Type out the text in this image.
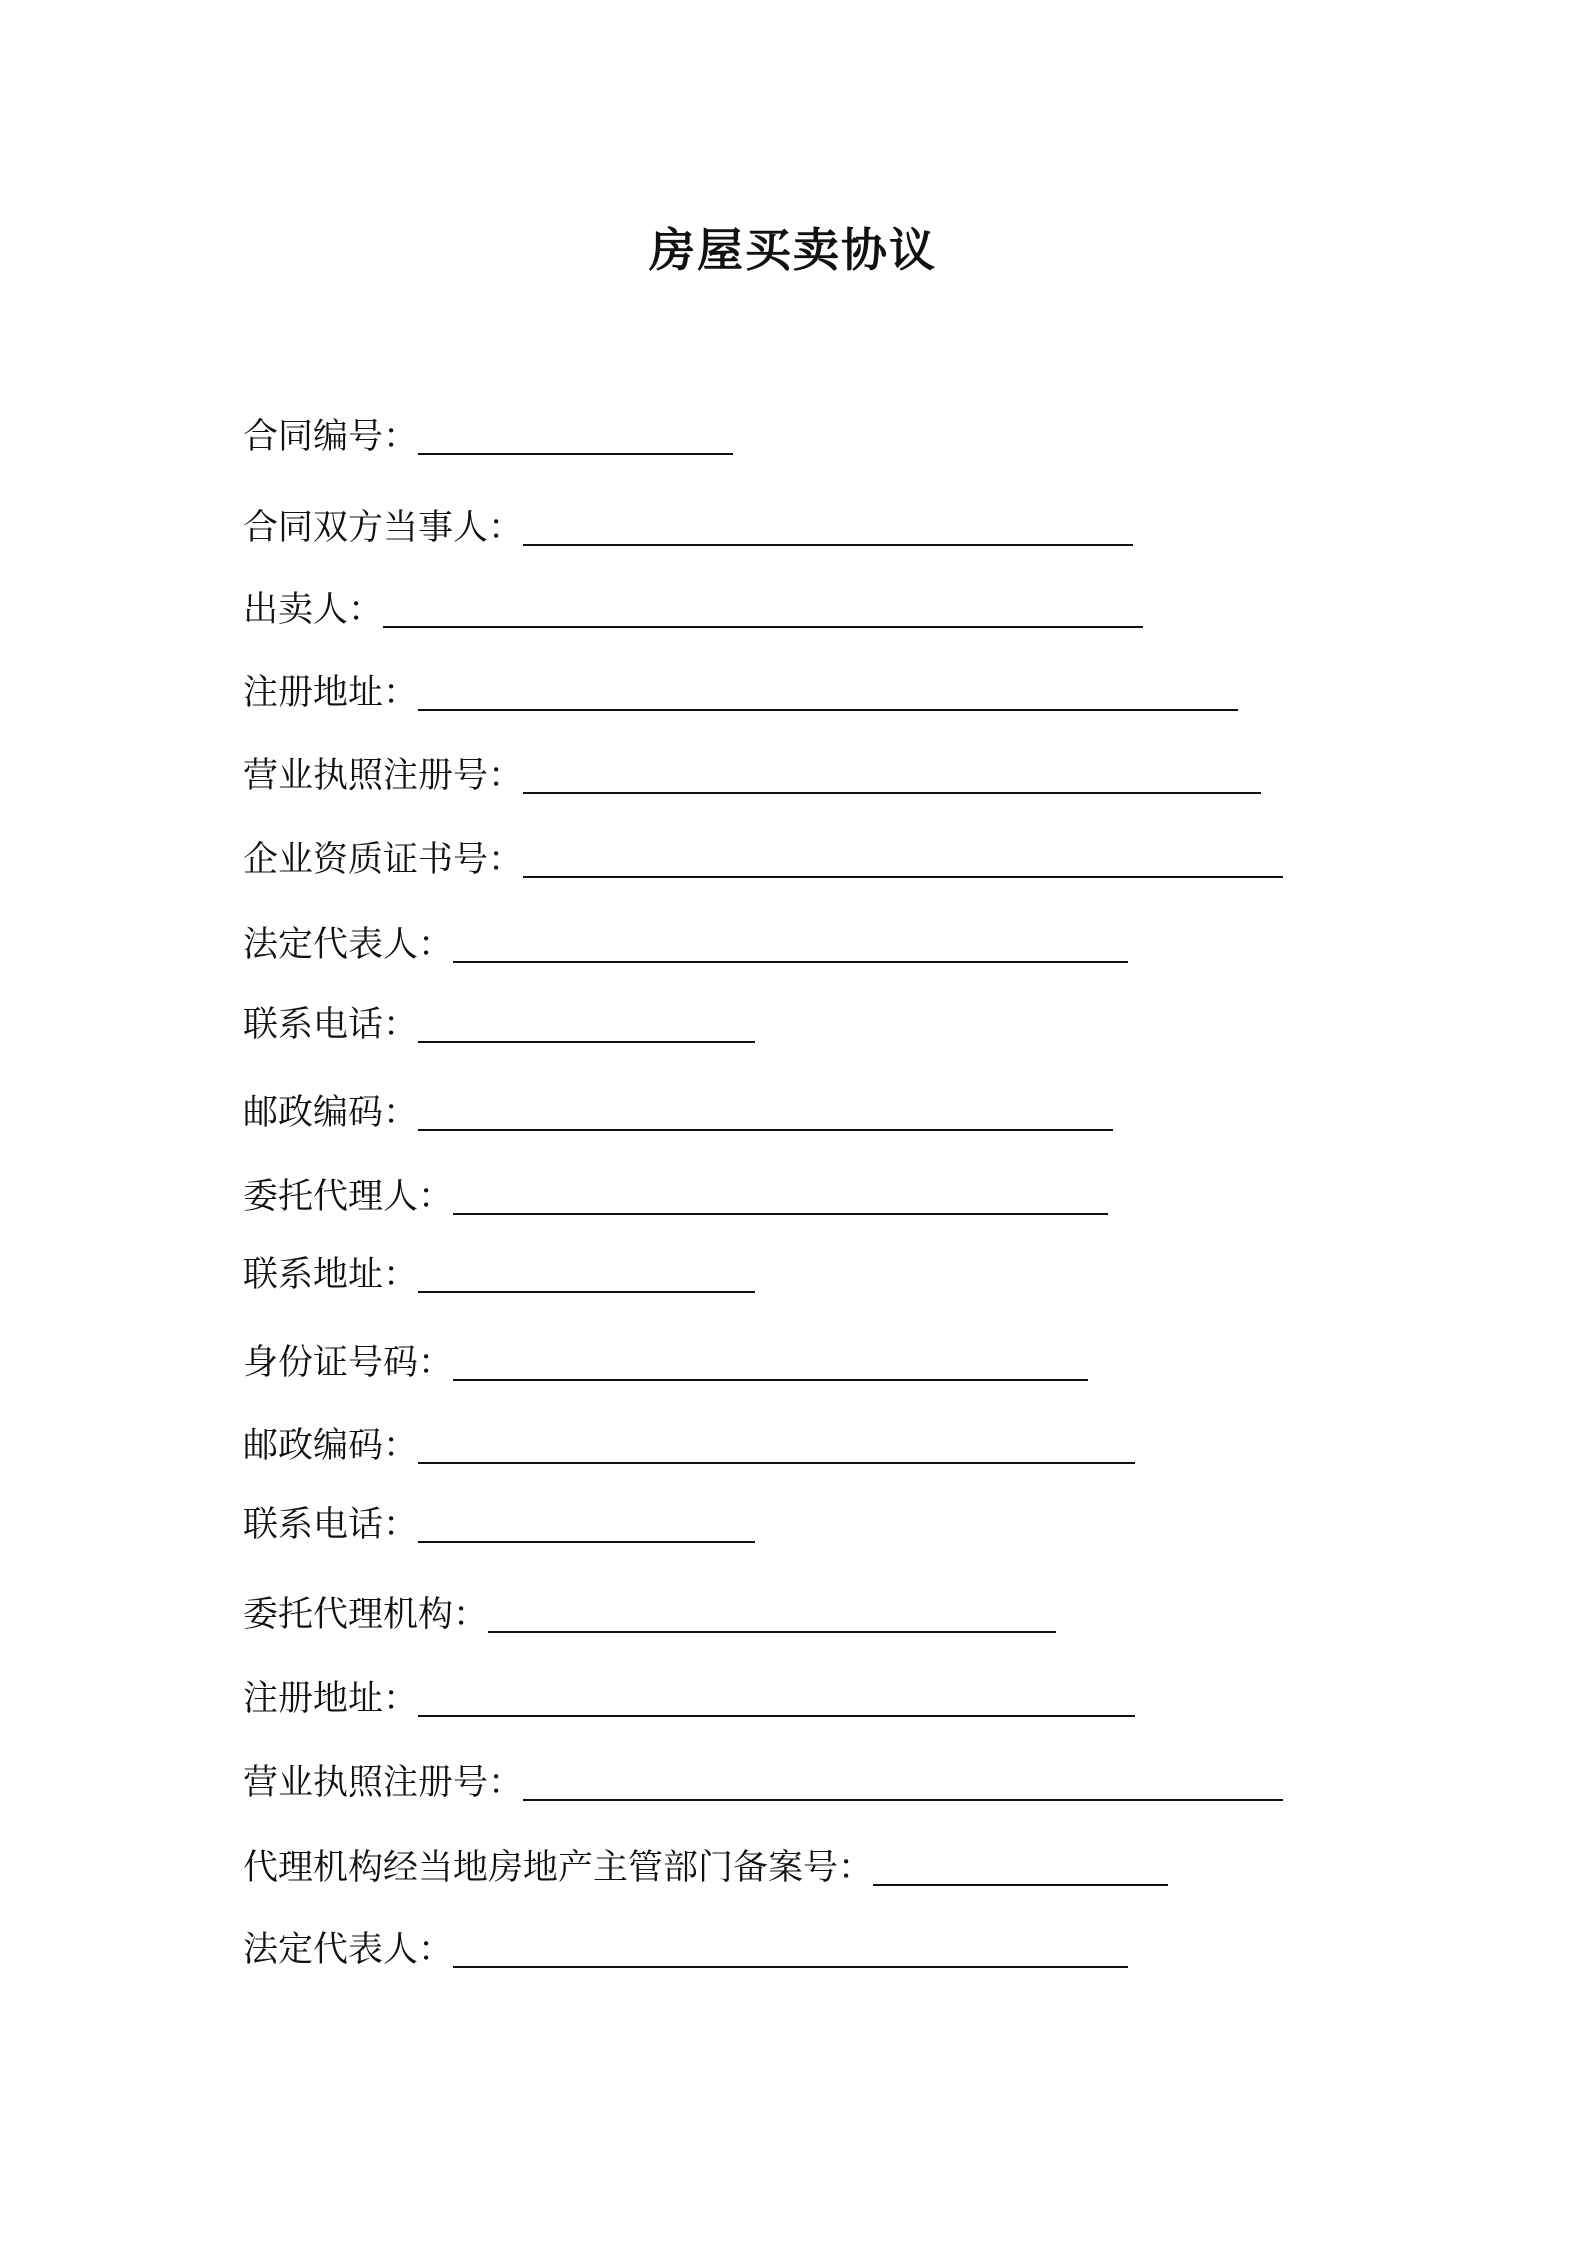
房屋买卖协议
合同编号：
合同双方当事人：
出卖人：
注册地址：
营业执照注册号：
企业资质证书号：
法定代表人：
联系电话：
邮政编码：
委托代理人：
联系地址：
身份证号码：
邮政编码：
联系电话：
委托代理机构：
注册地址：
营业执照注册号：
代理机构经当地房地产主管部门备案号：
法定代表人：
